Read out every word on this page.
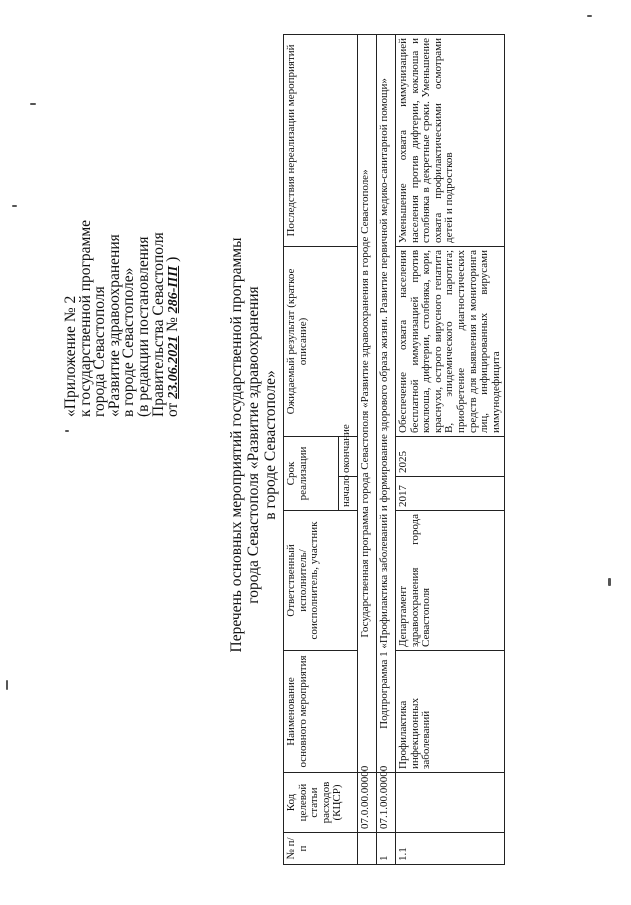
«Приложение № 2
к государственной программе
города Севастополя
«Развитие здравоохранения
в городе Севастополе»
(в редакции постановления
Правительства Севастополя
от 23.06.2021 № 286-ПП )	Перечень основных мероприятий государственной программы города Севастополя «Развитие здравоохранения в городе Севастополе»
№ п/п	Код целевой статьи расходов (КЦСР)	Наименование основного мероприятия	Ответственный исполнитель/соисполнитель, участник	Срок реализации		Ожидаемый результат (краткое описание)	Последствия нереализации мероприятий
				начало	окончание		
	07.0.00.00000	Государственная программа города Севастополя «Развитие здравоохранения в городе Севастополе»					
1	07.1.00.00000	Подпрограмма 1 «Профилактика заболеваний и формирование здорового образа жизни. Развитие первичной медико-санитарной помощи»					
1.1		Профилактика инфекционных заболеваний	Департамент здравоохранения города Севастополя	2017	2025	Обеспечение охвата населения бесплатной иммунизацией против коклюша, дифтерии, столбняка, кори, краснухи, острого вирусного гепатита В, эпидемического паротита; приобретение диагностических средств для выявления и мониторинга лиц, инфицированных вирусами иммунодефицита	Уменьшение охвата иммунизацией населения против дифтерии, коклюша и столбняка в декретные сроки. Уменьшение охвата профилактическими осмотрами детей и подростков
